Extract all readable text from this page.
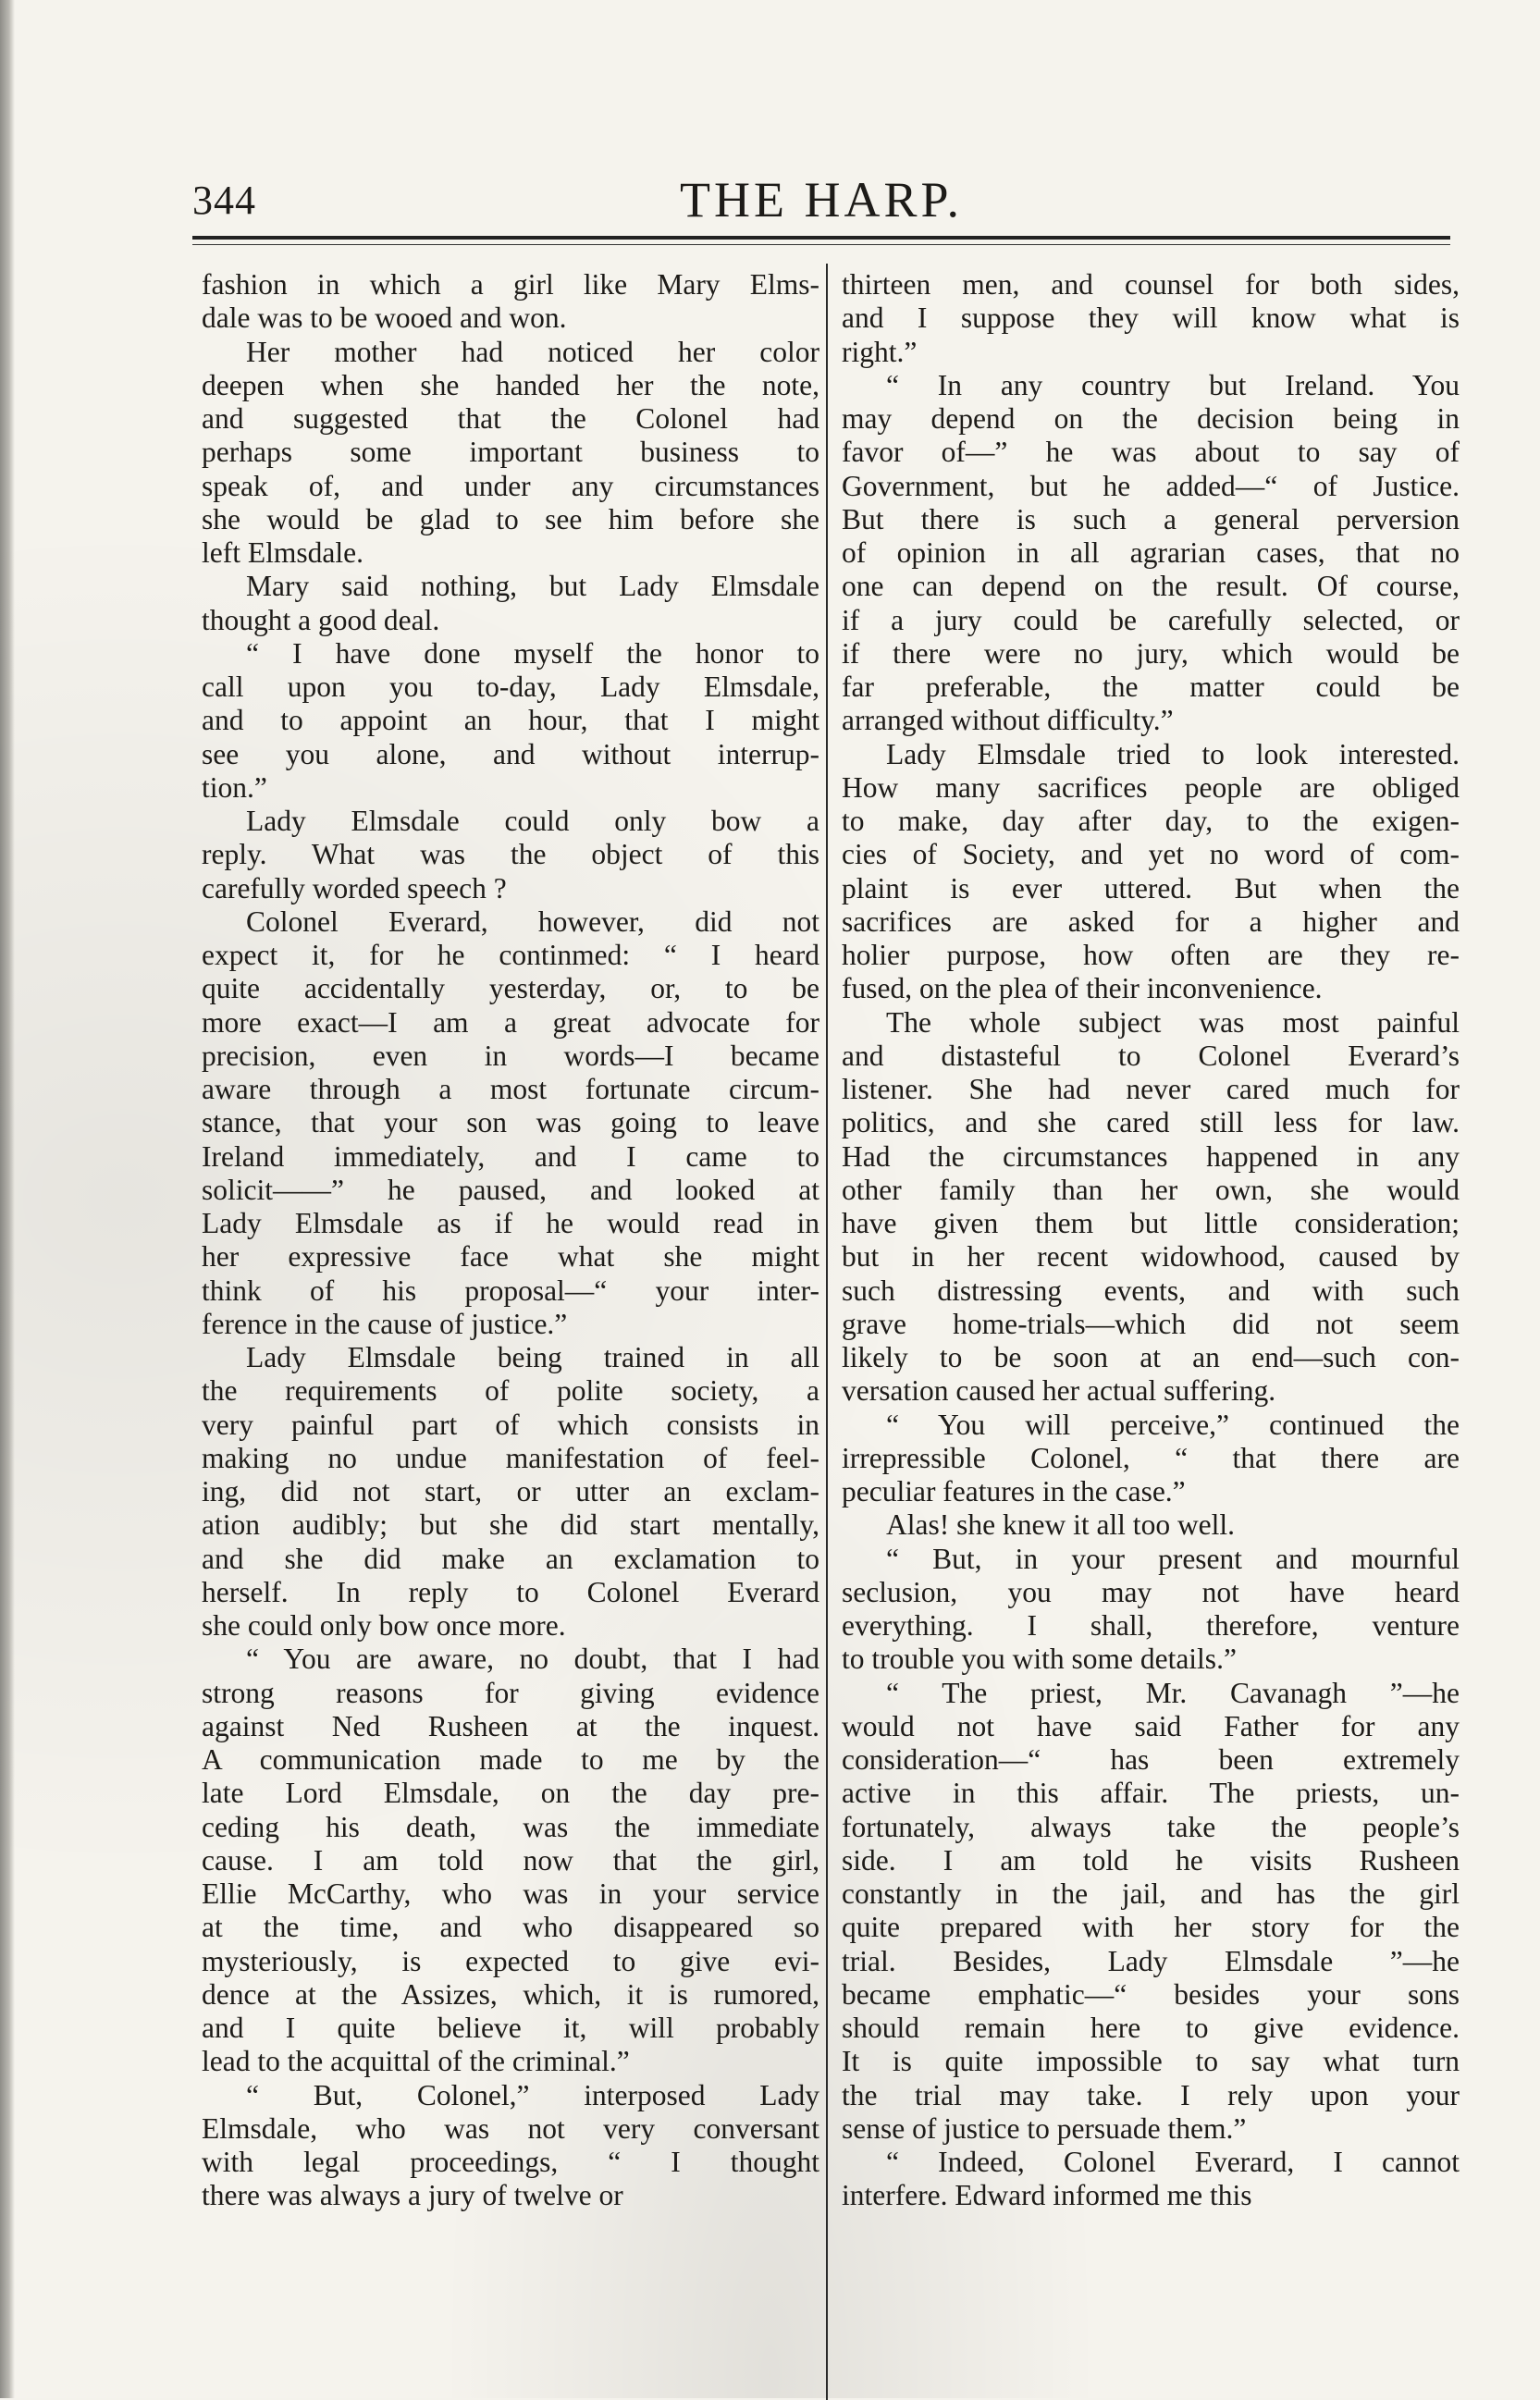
344	THE HARP.

fashion in which a girl like Mary Elms-
dale was to be wooed and won.

Her mother had noticed her color
deepen when she handed her the note,
and suggested that the Colonel had
perhaps some important business to
speak of, and under any circumstances
she would be glad to see him before she
left Elmsdale.

Mary said nothing, but Lady Elmsdale
thought a good deal.

“ I have done myself the honor to
call upon you to-day, Lady Elmsdale,
and to appoint an hour, that I might
see you alone, and without interrup-
tion.”

Lady Elmsdale could only bow a
reply. What was the object of this
carefully worded speech ?

Colonel Everard, however, did not
expect it, for he continmed: “ I heard
quite accidentally yesterday, or, to be
more exact—I am a great advocate for
precision, even in words—I became
aware through a most fortunate circum-
stance, that your son was going to leave
Ireland immediately, and I came to
solicit——” he paused, and looked at
Lady Elmsdale as if he would read in
her expressive face what she might
think of his proposal—“ your inter-
ference in the cause of justice.”

Lady Elmsdale being trained in all
the requirements of polite society, a
very painful part of which consists in
making no undue manifestation of feel-
ing, did not start, or utter an exclam-
ation audibly; but she did start mentally,
and she did make an exclamation to
herself. In reply to Colonel Everard
she could only bow once more.

“ You are aware, no doubt, that I had
strong reasons for giving evidence
against Ned Rusheen at the inquest.
A communication made to me by the
late Lord Elmsdale, on the day pre-
ceding his death, was the immediate
cause. I am told now that the girl,
Ellie McCarthy, who was in your service
at the time, and who disappeared so
mysteriously, is expected to give evi-
dence at the Assizes, which, it is rumored,
and I quite believe it, will probably
lead to the acquittal of the criminal.”

“ But, Colonel,” interposed Lady
Elmsdale, who was not very conversant
with legal proceedings, “ I thought
there was always a jury of twelve or

thirteen men, and counsel for both sides,
and I suppose they will know what is
right.”

“ In any country but Ireland. You
may depend on the decision being in
favor of—” he was about to say of
Government, but he added—“ of Justice.
But there is such a general perversion
of opinion in all agrarian cases, that no
one can depend on the result. Of course,
if a jury could be carefully selected, or
if there were no jury, which would be
far preferable, the matter could be
arranged without difficulty.”

Lady Elmsdale tried to look interested.
How many sacrifices people are obliged
to make, day after day, to the exigen-
cies of Society, and yet no word of com-
plaint is ever uttered. But when the
sacrifices are asked for a higher and
holier purpose, how often are they re-
fused, on the plea of their inconvenience.

The whole subject was most painful
and distasteful to Colonel Everard’s
listener. She had never cared much for
politics, and she cared still less for law.
Had the circumstances happened in any
other family than her own, she would
have given them but little consideration;
but in her recent widowhood, caused by
such distressing events, and with such
grave home-trials—which did not seem
likely to be soon at an end—such con-
versation caused her actual suffering.

“ You will perceive,” continued the
irrepressible Colonel, “ that there are
peculiar features in the case.”

Alas! she knew it all too well.

“ But, in your present and mournful
seclusion, you may not have heard
everything. I shall, therefore, venture
to trouble you with some details.”

“ The priest, Mr. Cavanagh ”—he
would not have said Father for any
consideration—“ has been extremely
active in this affair. The priests, un-
fortunately, always take the people’s
side. I am told he visits Rusheen
constantly in the jail, and has the girl
quite prepared with her story for the
trial. Besides, Lady Elmsdale ”—he
became emphatic—“ besides your sons
should remain here to give evidence.
It is quite impossible to say what turn
the trial may take. I rely upon your
sense of justice to persuade them.”

“ Indeed, Colonel Everard, I cannot
interfere. Edward informed me this
